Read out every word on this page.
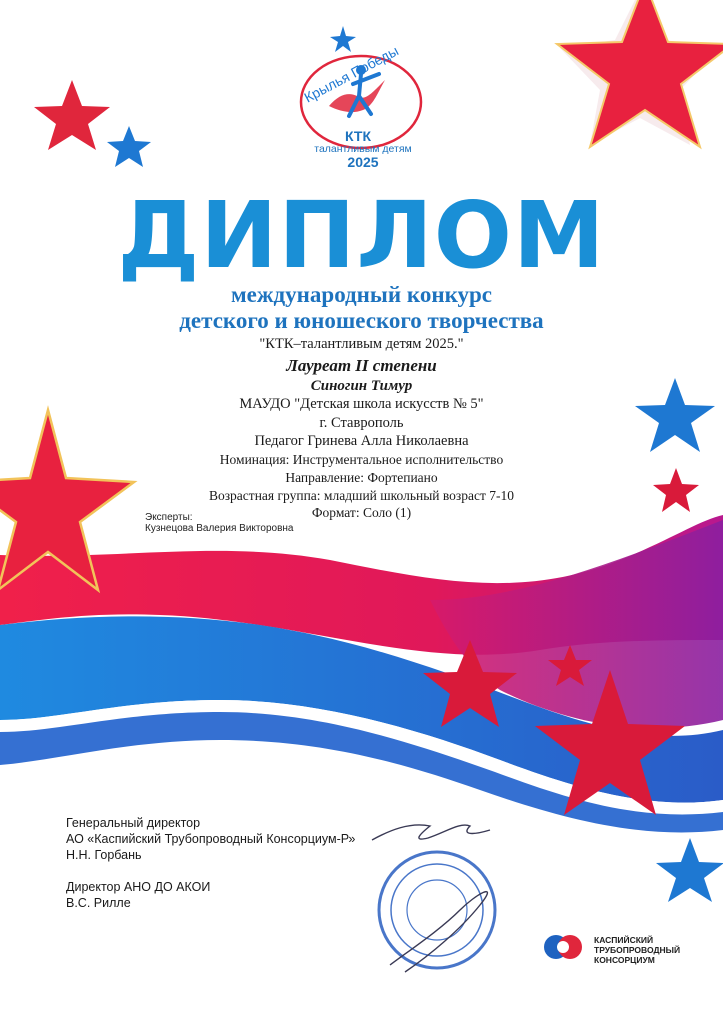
Крылья Победы
КТК
талантливым детям
2025
ДИПЛОМ
международный конкурс
детского и юношеского творчества
"КТК–талантливым детям 2025."
Лауреат II степени
Синогин Тимур
МАУДО "Детская школа искусств № 5"
г. Ставрополь
Педагог Гринева Алла Николаевна
Номинация: Инструментальное исполнительство
Направление: Фортепиано
Возрастная группа: младший школьный возраст 7-10
Формат: Соло (1)
Эксперты:
Кузнецова Валерия Викторовна
Генеральный директор
АО «Каспийский Трубопроводный Консорциум-Р»
Н.Н. Горбань
Директор АНО ДО АКОИ
В.С. Рилле
КАСПИЙСКИЙ
ТРУБОПРОВОДНЫЙ
КОНСОРЦИУМ
